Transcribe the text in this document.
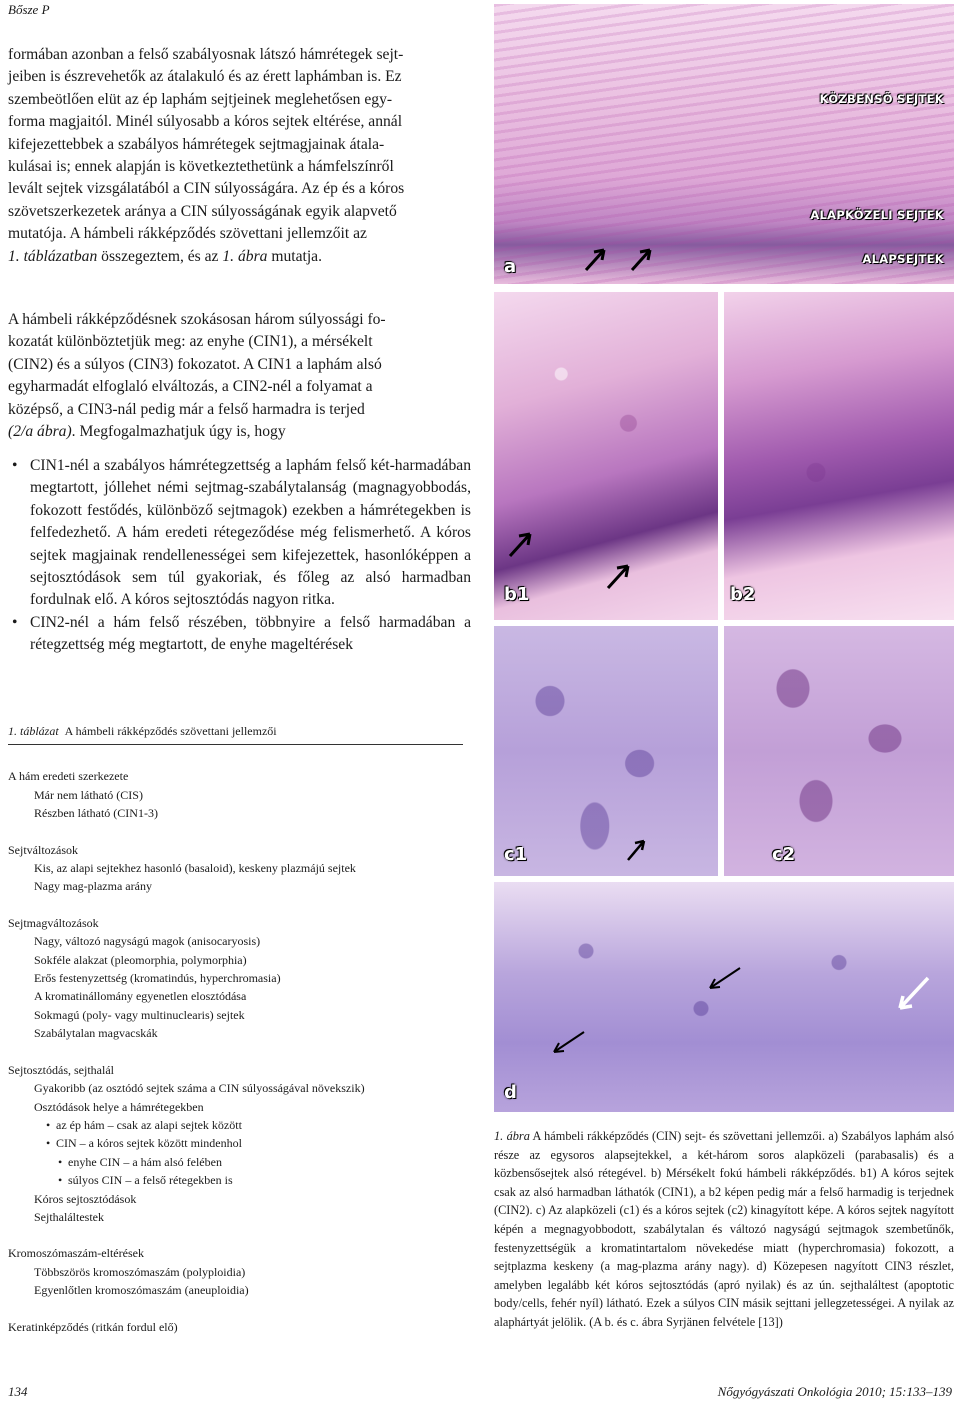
Bősze P

formában azonban a felső szabályosnak látszó hámrétegek sejt-

jeiben is észrevehetők az átalakuló és az érett laphámban is. Ez

szembeötlően elüt az ép laphám sejtjeinek meglehetősen egy-

forma magjaitól. Minél súlyosabb a kóros sejtek eltérése, annál

kifejezettebbek a szabályos hámrétegek sejtmagjainak átala-

kulásai is; ennek alapján is következtethetünk a hámfelszínről

levált sejtek vizsgálatából a CIN súlyosságára. Az ép és a kóros

szövetszerkezetek aránya a CIN súlyosságának egyik alapvető

mutatója. A hámbeli rákképződés szövettani jellemzőit az

1. táblázatban összegeztem, és az 1. ábra mutatja.

A hámbeli rákképződésnek szokásosan három súlyossági fo-

kozatát különböztetjük meg: az enyhe (CIN1), a mérsékelt

(CIN2) és a súlyos (CIN3) fokozatot. A CIN1 a laphám alsó

egyharmadát elfoglaló elváltozás, a CIN2-nél a folyamat a

középső, a CIN3-nál pedig már a felső harmadra is terjed

(2/a ábra). Megfogalmazhatjuk úgy is, hogy

• CIN1-nél a szabályos hámrétegzettség a laphám felső két-harmadában megtartott, jóllehet némi sejtmag-szabálytalanság (magnagyobbodás, fokozott festődés, különböző sejtmagok) ezekben a hámrétegekben is felfedezhető. A hám eredeti rétegeződése még felismerhető. A kóros sejtek magjainak rendellenességei sem kifejezettek, hasonlóképpen a sejtosztódások sem túl gyakoriak, és főleg az alsó harmadban fordulnak elő. A kóros sejtosztódás nagyon ritka.

• CIN2-nél a hám felső részében, többnyire a felső harmadában a rétegzettség még megtartott, de enyhe mageltérések

1. táblázat A hámbeli rákképződés szövettani jellemzői

A hám eredeti szerkezete

Már nem látható (CIS)

Részben látható (CIN1-3)

Sejtváltozások

Kis, az alapi sejtekhez hasonló (basaloid), keskeny plazmájú sejtek

Nagy mag-plazma arány

Sejtmagváltozások

Nagy, változó nagyságú magok (anisocaryosis)

Sokféle alakzat (pleomorphia, polymorphia)

Erős festenyzettség (kromatindús, hyperchromasia)

A kromatinállomány egyenetlen elosztódása

Sokmagú (poly- vagy multinuclearis) sejtek

Szabálytalan magvacskák

Sejtosztódás, sejthalál

Gyakoribb (az osztódó sejtek száma a CIN súlyosságával növekszik)

Osztódások helye a hámrétegekben

• az ép hám – csak az alapi sejtek között

• CIN – a kóros sejtek között mindenhol

• enyhe CIN – a hám alsó felében

• súlyos CIN – a felső rétegekben is

Kóros sejtosztódások

Sejthaláltestek

Kromoszómaszám-eltérések

Többszörös kromoszómaszám (polyploidia)

Egyenlőtlen kromoszómaszám (aneuploidia)

Keratinképződés (ritkán fordul elő)

KÖZBENSŐ SEJTEK
ALAPKÖZELI SEJTEK
ALAPSEJTEK
a
b1	b2
c1	c2
d
1. ábra A hámbeli rákképződés (CIN) sejt- és szövettani jellemzői. a) Szabályos laphám alsó része az egysoros alapsejtekkel, a két-három soros alapközeli (parabasalis) és a közbensősejtek alsó rétegével. b) Mérsékelt fokú hámbeli rákképződés. b1) A kóros sejtek csak az alsó harmadban láthatók (CIN1), a b2 képen pedig már a felső harmadig is terjednek (CIN2). c) Az alapközeli (c1) és a kóros sejtek (c2) kinagyított képe. A kóros sejtek nagyított képén a megnagyobbodott, szabálytalan és változó nagyságú sejtmagok szembetűnők, festenyzettségük a kromatintartalom növekedése miatt (hyperchromasia) fokozott, a sejtplazma keskeny (a mag-plazma arány nagy). d) Közepesen nagyított CIN3 részlet, amelyben legalább két kóros sejtosztódás (apró nyilak) és az ún. sejthaláltest (apoptotic body/cells, fehér nyíl) látható. Ezek a súlyos CIN másik sejttani jellegzetességei. A nyilak az alaphártyát jelölik. (A b. és c. ábra Syrjänen felvétele [13])
134	Nőgyógyászati Onkológia 2010; 15:133–139
